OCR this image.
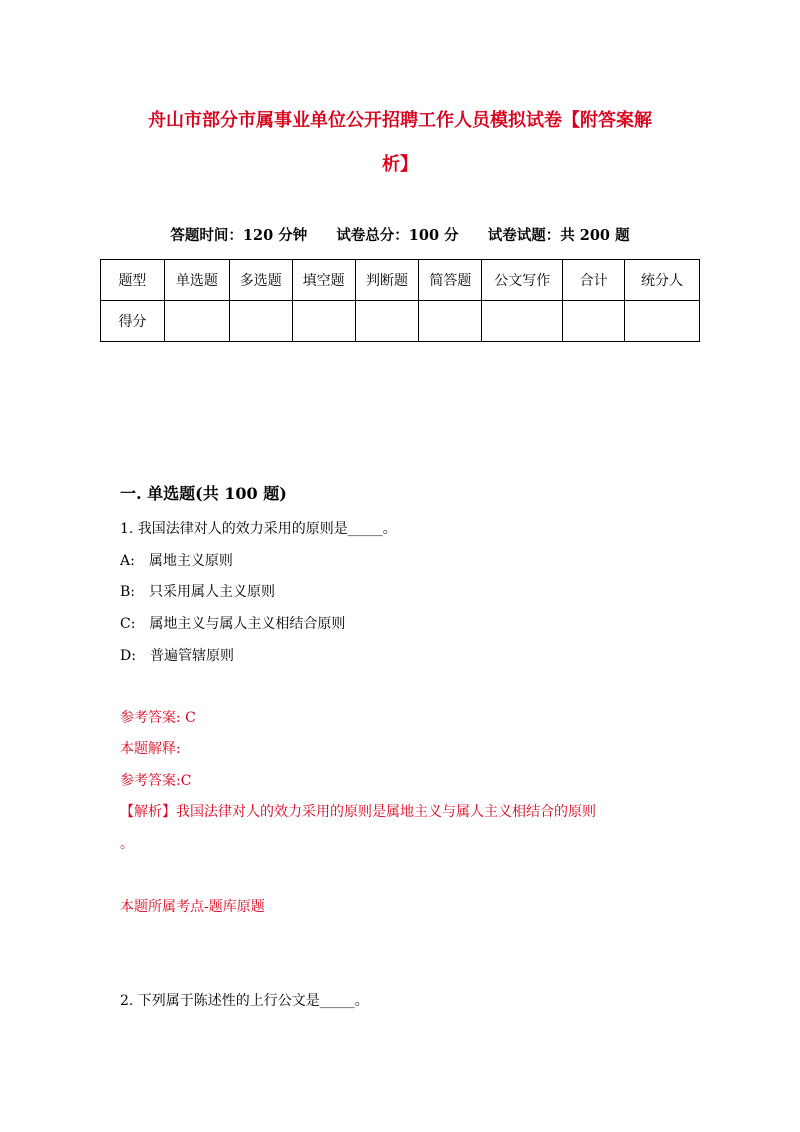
舟山市部分市属事业单位公开招聘工作人员模拟试卷【附答案解
析】
答题时间：120 分钟 试卷总分：100 分 试卷试题：共 200 题
题型	单选题	多选题	填空题	判断题	简答题	公文写作	合计	统分人
得分								
一. 单选题(共 100 题)
1. 我国法律对人的效力采用的原则是_____。
A:　属地主义原则
B:　只采用属人主义原则
C:　属地主义与属人主义相结合原则
D:　普遍管辖原则
参考答案: C
本题解释:
参考答案:C
【解析】我国法律对人的效力采用的原则是属地主义与属人主义相结合的原则
。
本题所属考点-题库原题
2. 下列属于陈述性的上行公文是_____。
